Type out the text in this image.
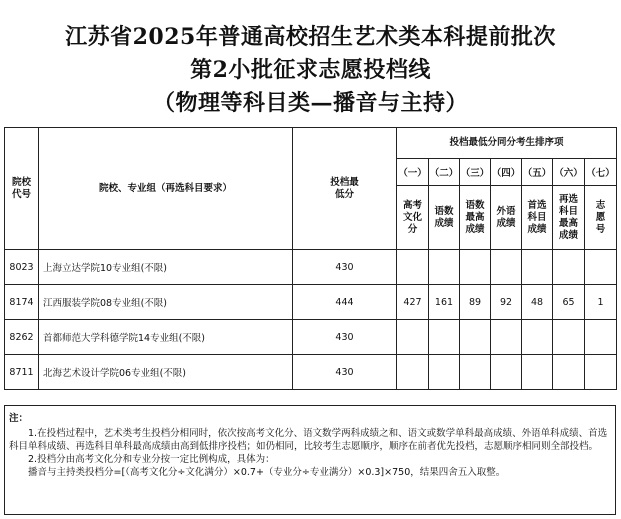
江苏省2025年普通高校招生艺术类本科提前批次
第2小批征求志愿投档线
（物理等科目类—播音与主持）
院校代号	院校、专业组（再选科目要求）	投档最低分	投档最低分同分考生排序项						
			（一）	（二）	（三）	（四）	（五）	（六）	（七）

			高考文化分	语数成绩	语数最高成绩	外语成绩	首选科目成绩	再选科目最高成绩	志愿号

8023	上海立达学院10专业组(不限)	430							
8174	江西服装学院08专业组(不限)	444	427	161	89	92	48	65	1
8262	首都师范大学科德学院14专业组(不限)	430							
8711	北海艺术设计学院06专业组(不限)	430							
注：
1.在投档过程中，艺术类考生投档分相同时，依次按高考文化分、语文数学两科成绩之和、语文或数学单科最高成绩、外语单科成绩、首选科目单科成绩、再选科目单科最高成绩由高到低排序投档；如仍相同，比较考生志愿顺序，顺序在前者优先投档，志愿顺序相同则全部投档。
2.投档分由高考文化分和专业分按一定比例构成，具体为：
播音与主持类投档分=[（高考文化分÷文化满分）×0.7+（专业分÷专业满分）×0.3]×750，结果四舍五入取整。
